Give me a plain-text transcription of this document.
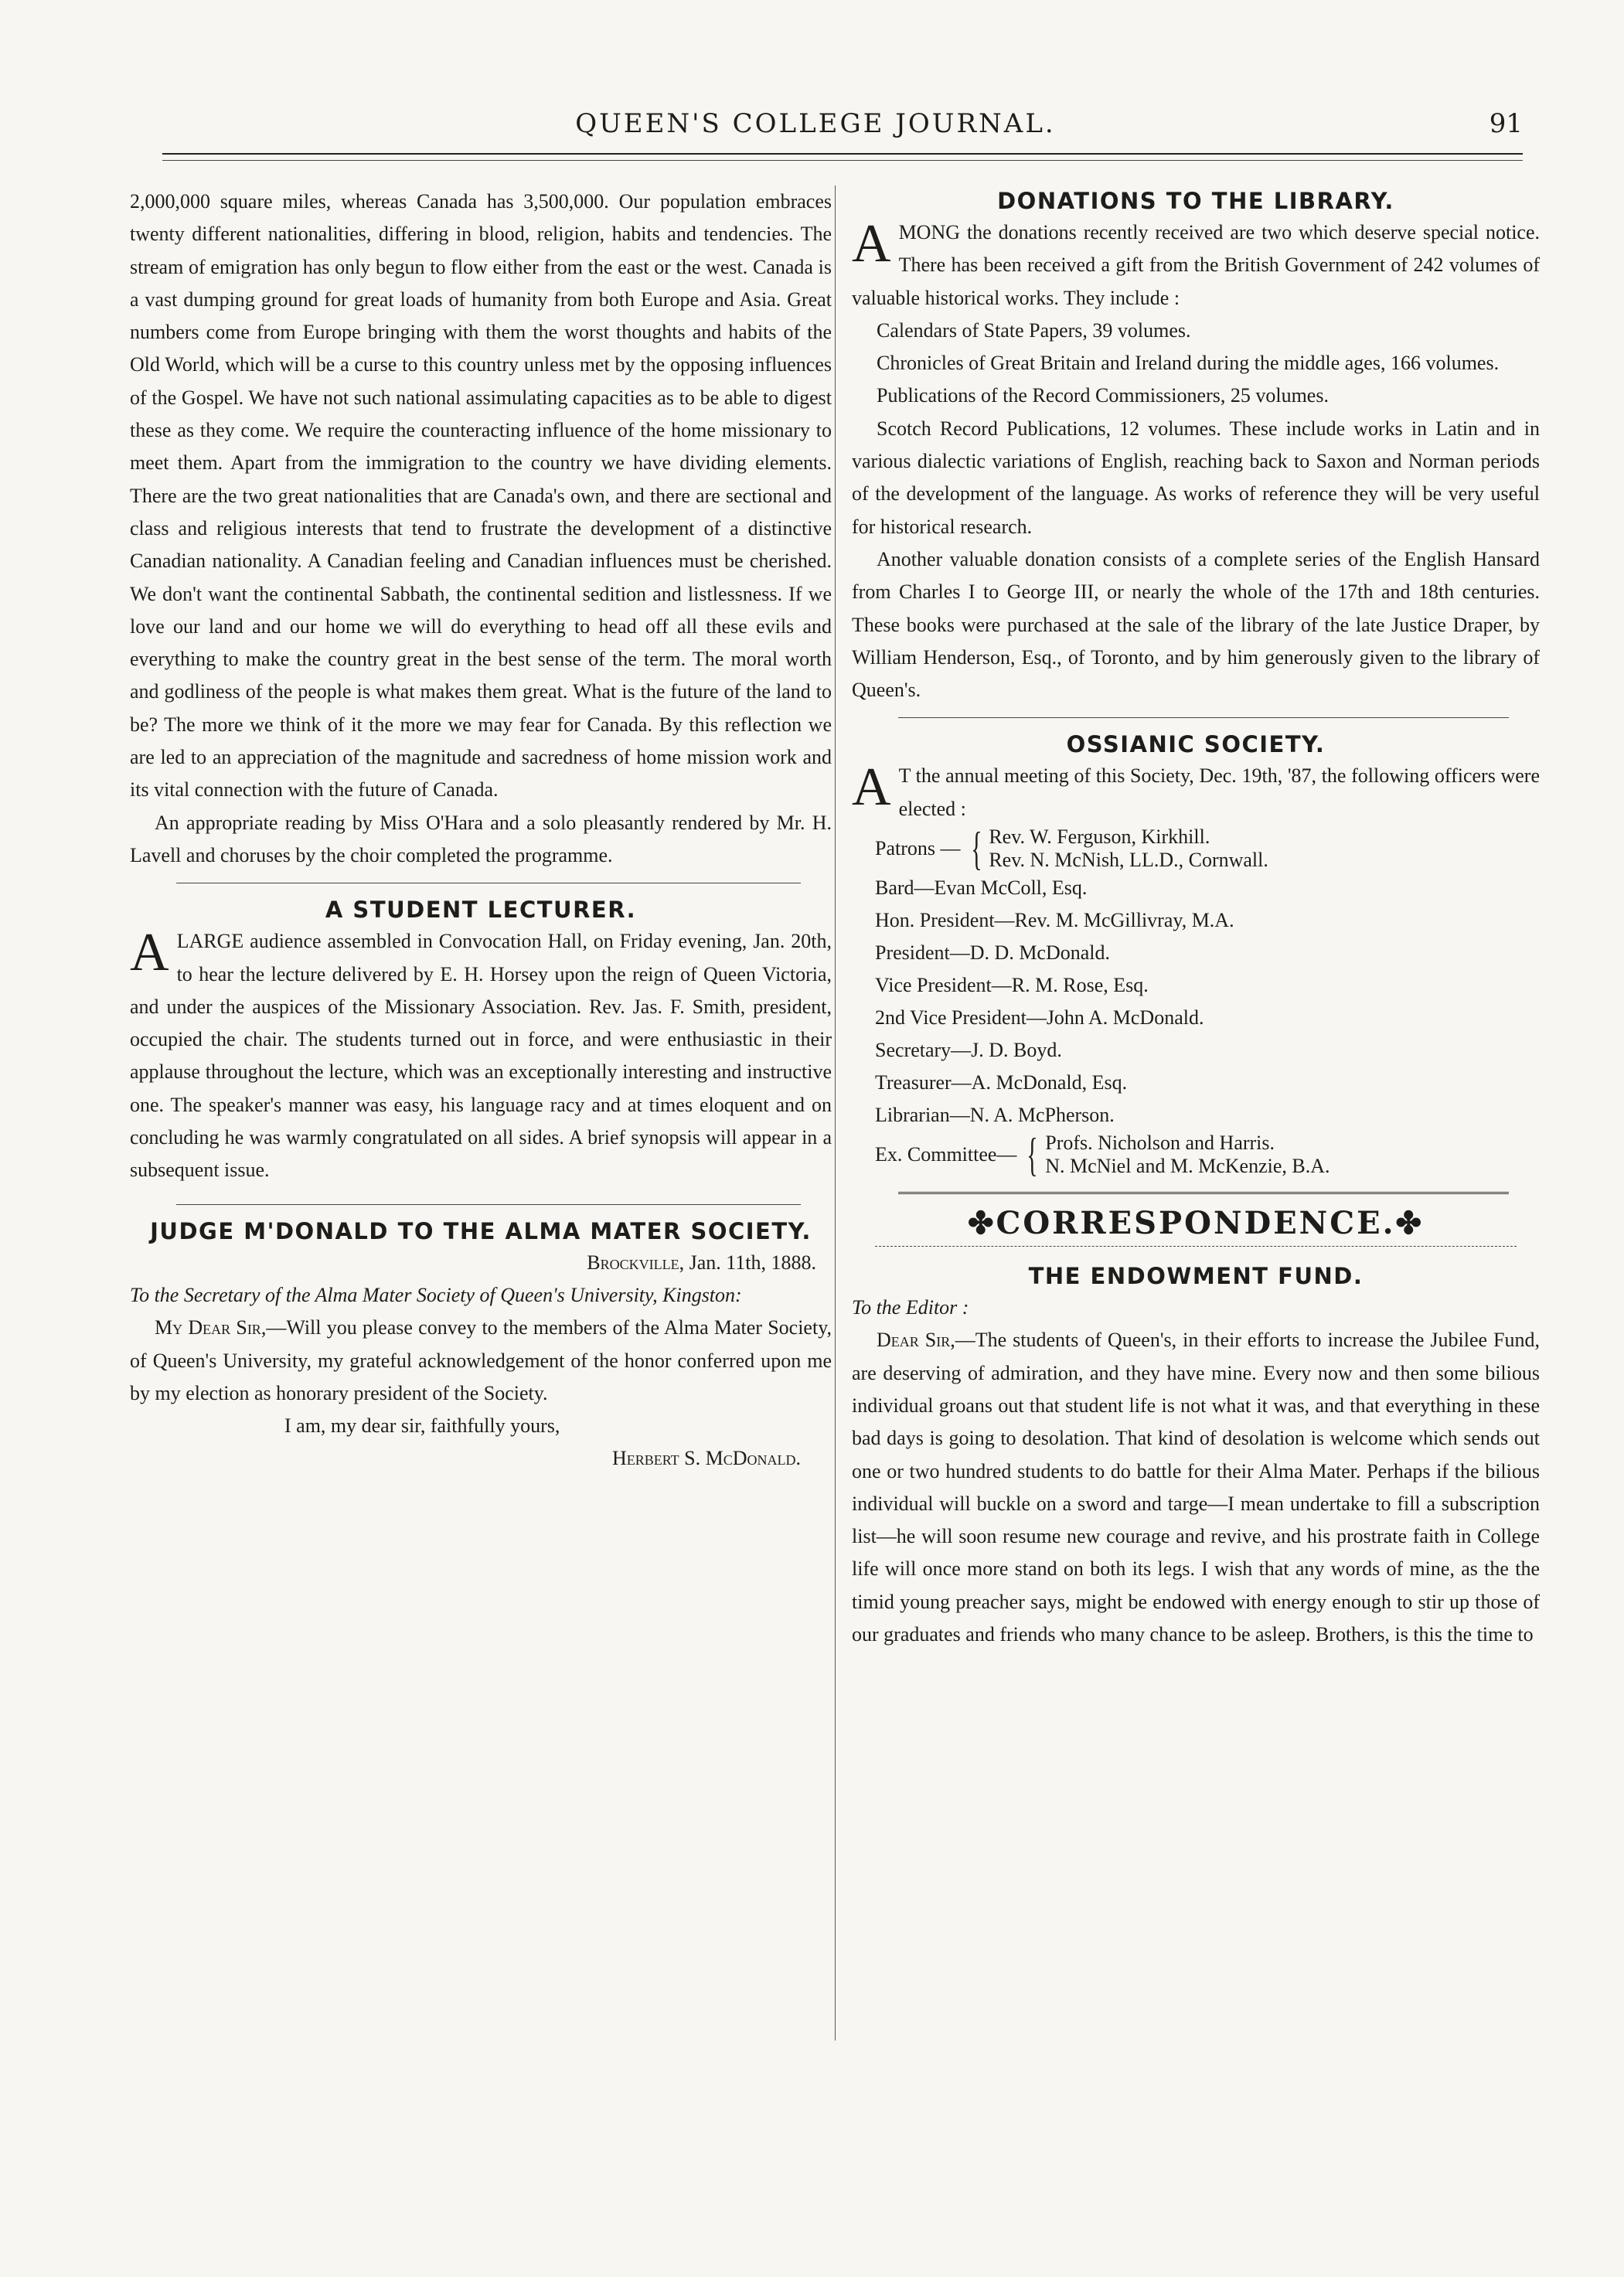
QUEEN'S COLLEGE JOURNAL.	91

2,000,000 square miles, whereas Canada has 3,500,000. Our population embraces twenty different nationalities, differing in blood, religion, habits and tendencies. The stream of emigration has only begun to flow either from the east or the west. Canada is a vast dumping ground for great loads of humanity from both Europe and Asia. Great numbers come from Europe bringing with them the worst thoughts and habits of the Old World, which will be a curse to this country unless met by the opposing influences of the Gospel. We have not such national assimulating capacities as to be able to digest these as they come. We require the counteracting influence of the home missionary to meet them. Apart from the immigration to the country we have dividing elements. There are the two great nationalities that are Canada's own, and there are sectional and class and religious interests that tend to frustrate the development of a distinctive Canadian nationality. A Canadian feeling and Canadian influences must be cherished. We don't want the continental Sabbath, the continental sedition and listlessness. If we love our land and our home we will do everything to head off all these evils and everything to make the country great in the best sense of the term. The moral worth and godliness of the people is what makes them great. What is the future of the land to be? The more we think of it the more we may fear for Canada. By this reflection we are led to an appreciation of the magnitude and sacredness of home mission work and its vital connection with the future of Canada.

An appropriate reading by Miss O'Hara and a solo pleasantly rendered by Mr. H. Lavell and choruses by the choir completed the programme.

A STUDENT LECTURER.

ALARGE audience assembled in Convocation Hall, on Friday evening, Jan. 20th, to hear the lecture delivered by E. H. Horsey upon the reign of Queen Victoria, and under the auspices of the Missionary Association. Rev. Jas. F. Smith, president, occupied the chair. The students turned out in force, and were enthusiastic in their applause throughout the lecture, which was an exceptionally interesting and instructive one. The speaker's manner was easy, his language racy and at times eloquent and on concluding he was warmly congratulated on all sides. A brief synopsis will appear in a subsequent issue.

JUDGE M'DONALD TO THE ALMA MATER SOCIETY.

Brockville, Jan. 11th, 1888.

To the Secretary of the Alma Mater Society of Queen's University, Kingston:

My Dear Sir,—Will you please convey to the members of the Alma Mater Society, of Queen's University, my grateful acknowledgement of the honor conferred upon me by my election as honorary president of the Society.

I am, my dear sir, faithfully yours,
Herbert S. McDonald.
DONATIONS TO THE LIBRARY.

AMONG the donations recently received are two which deserve special notice. There has been received a gift from the British Government of 242 volumes of valuable historical works. They include :

Calendars of State Papers, 39 volumes.

Chronicles of Great Britain and Ireland during the middle ages, 166 volumes.

Publications of the Record Commissioners, 25 volumes.

Scotch Record Publications, 12 volumes. These include works in Latin and in various dialectic variations of English, reaching back to Saxon and Norman periods of the development of the language. As works of reference they will be very useful for historical research.

Another valuable donation consists of a complete series of the English Hansard from Charles I to George III, or nearly the whole of the 17th and 18th centuries. These books were purchased at the sale of the library of the late Justice Draper, by William Henderson, Esq., of Toronto, and by him generously given to the library of Queen's.

OSSIANIC SOCIETY.

A T the annual meeting of this Society, Dec. 19th, '87, the following officers were elected :

Patrons — { Rev. W. Ferguson, Kirkhill.
Rev. N. McNish, LL.D., Cornwall.

Bard—Evan McColl, Esq.

Hon. President—Rev. M. McGillivray, M.A.

President—D. D. McDonald.

Vice President—R. M. Rose, Esq.

2nd Vice President—John A. McDonald.

Secretary—J. D. Boyd.

Treasurer—A. McDonald, Esq.

Librarian—N. A. McPherson.

Ex. Committee— { Profs. Nicholson and Harris.
N. McNiel and M. McKenzie, B.A.
✤CORRESPONDENCE.✤
THE ENDOWMENT FUND.

To the Editor :

Dear Sir,—The students of Queen's, in their efforts to increase the Jubilee Fund, are deserving of admiration, and they have mine. Every now and then some bilious individual groans out that student life is not what it was, and that everything in these bad days is going to desolation. That kind of desolation is welcome which sends out one or two hundred students to do battle for their Alma Mater. Perhaps if the bilious individual will buckle on a sword and targe—I mean undertake to fill a subscription list—he will soon resume new courage and revive, and his prostrate faith in College life will once more stand on both its legs. I wish that any words of mine, as the the timid young preacher says, might be endowed with energy enough to stir up those of our graduates and friends who many chance to be asleep. Brothers, is this the time to
